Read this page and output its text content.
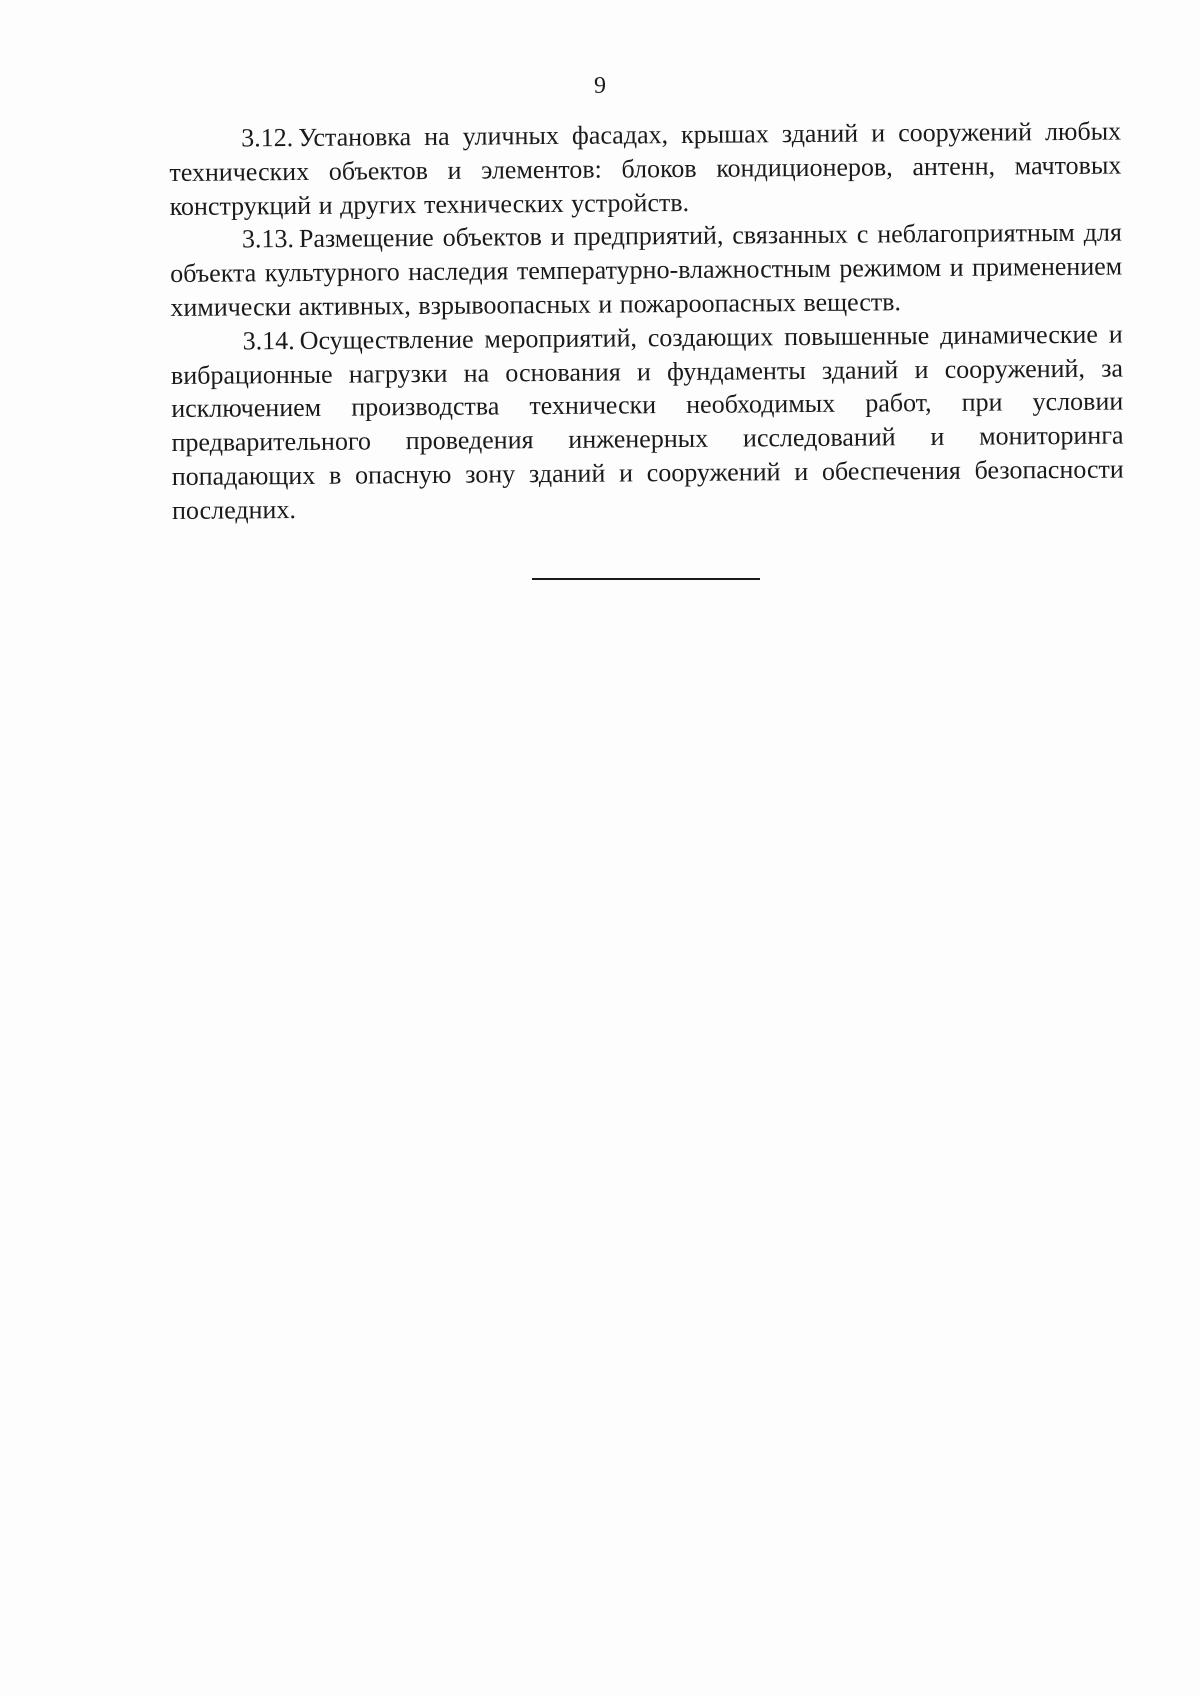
9

3.12. Установка на уличных фасадах, крышах зданий и сооружений любых технических объектов и элементов: блоков кондиционеров, антенн, мачтовых конструкций и других технических устройств.

3.13. Размещение объектов и предприятий, связанных с неблагоприятным для объекта культурного наследия температурно-влажностным режимом и применением химически активных, взрывоопасных и пожароопасных веществ.

3.14. Осуществление мероприятий, создающих повышенные динамические и вибрационные нагрузки на основания и фундаменты зданий и сооружений, за исключением производства технически необходимых работ, при условии предварительного проведения инженерных исследований и мониторинга попадающих в опасную зону зданий и сооружений и обеспечения безопасности последних.
